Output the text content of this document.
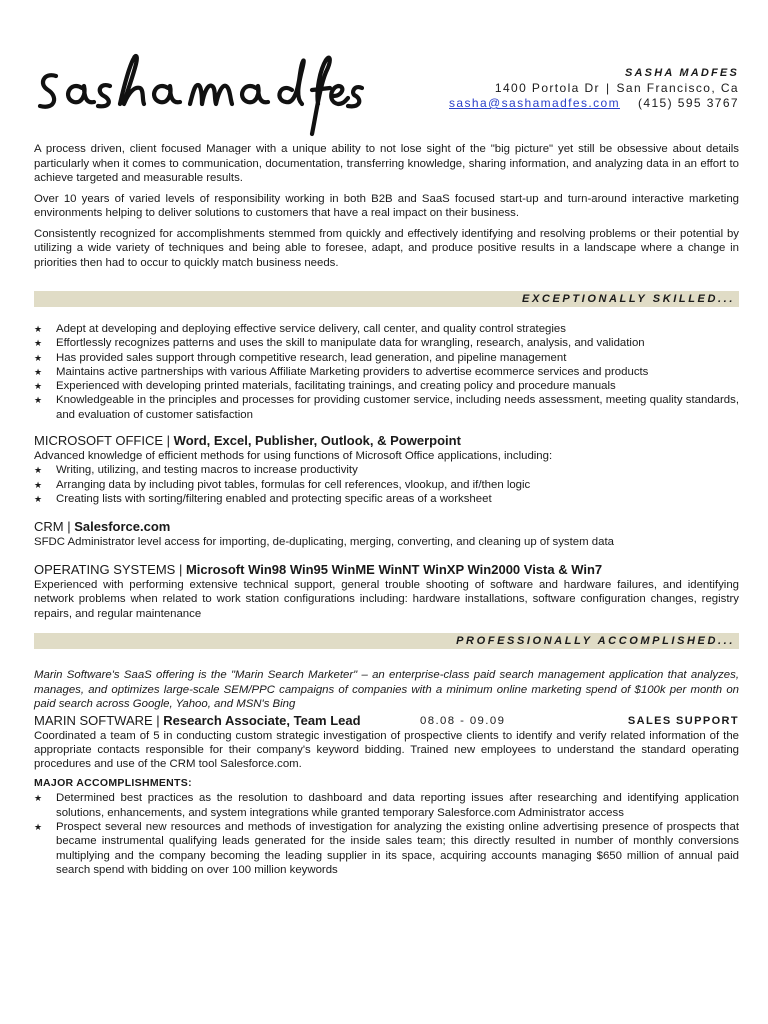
SASHA MADFES
1400 Portola Dr | San Francisco, Ca
sasha@sashamadfes.com (415) 595 3767

A process driven, client focused Manager with a unique ability to not lose sight of the "big picture" yet still be obsessive about details particularly when it comes to communication, documentation, transferring knowledge, sharing information, and analyzing data in an effort to achieve targeted and measurable results.

Over 10 years of varied levels of responsibility working in both B2B and SaaS focused start-up and turn-around interactive marketing environments helping to deliver solutions to customers that have a real impact on their business.

Consistently recognized for accomplishments stemmed from quickly and effectively identifying and resolving problems or their potential by utilizing a wide variety of techniques and being able to foresee, adapt, and produce positive results in a landscape where a change in priorities then had to occur to quickly match business needs.

EXCEPTIONALLY SKILLED...
★ Adept at developing and deploying effective service delivery, call center, and quality control strategies
★ Effortlessly recognizes patterns and uses the skill to manipulate data for wrangling, research, analysis, and validation
★ Has provided sales support through competitive research, lead generation, and pipeline management
★ Maintains active partnerships with various Affiliate Marketing providers to advertise ecommerce services and products
★ Experienced with developing printed materials, facilitating trainings, and creating policy and procedure manuals
★ Knowledgeable in the principles and processes for providing customer service, including needs assessment, meeting quality standards, and evaluation of customer satisfaction
MICROSOFT OFFICE | Word, Excel, Publisher, Outlook, & Powerpoint
Advanced knowledge of efficient methods for using functions of Microsoft Office applications, including:
★ Writing, utilizing, and testing macros to increase productivity
★ Arranging data by including pivot tables, formulas for cell references, vlookup, and if/then logic
★ Creating lists with sorting/filtering enabled and protecting specific areas of a worksheet
CRM | Salesforce.com
SFDC Administrator level access for importing, de-duplicating, merging, converting, and cleaning up of system data
OPERATING SYSTEMS | Microsoft Win98 Win95 WinME WinNT WinXP Win2000 Vista & Win7
Experienced with performing extensive technical support, general trouble shooting of software and hardware failures, and identifying network problems when related to work station configurations including: hardware installations, software configuration changes, registry repairs, and regular maintenance
PROFESSIONALLY ACCOMPLISHED...
Marin Software's SaaS offering is the "Marin Search Marketer" – an enterprise-class paid search management application that analyzes, manages, and optimizes large-scale SEM/PPC campaigns of companies with a minimum online marketing spend of $100k per month on paid search across Google, Yahoo, and MSN's Bing
MARIN SOFTWARE | Research Associate, Team Lead	08.08 - 09.09	SALES SUPPORT
Coordinated a team of 5 in conducting custom strategic investigation of prospective clients to identify and verify related information of the appropriate contacts responsible for their company's keyword bidding. Trained new employees to understand the standard operating procedures and use of the CRM tool Salesforce.com.
MAJOR ACCOMPLISHMENTS:
★ Determined best practices as the resolution to dashboard and data reporting issues after researching and identifying application solutions, enhancements, and system integrations while granted temporary Salesforce.com Administrator access
★ Prospect several new resources and methods of investigation for analyzing the existing online advertising presence of prospects that became instrumental qualifying leads generated for the inside sales team; this directly resulted in number of monthly conversions multiplying and the company becoming the leading supplier in its space, acquiring accounts managing $650 million of annual paid search spend with bidding on over 100 million keywords
